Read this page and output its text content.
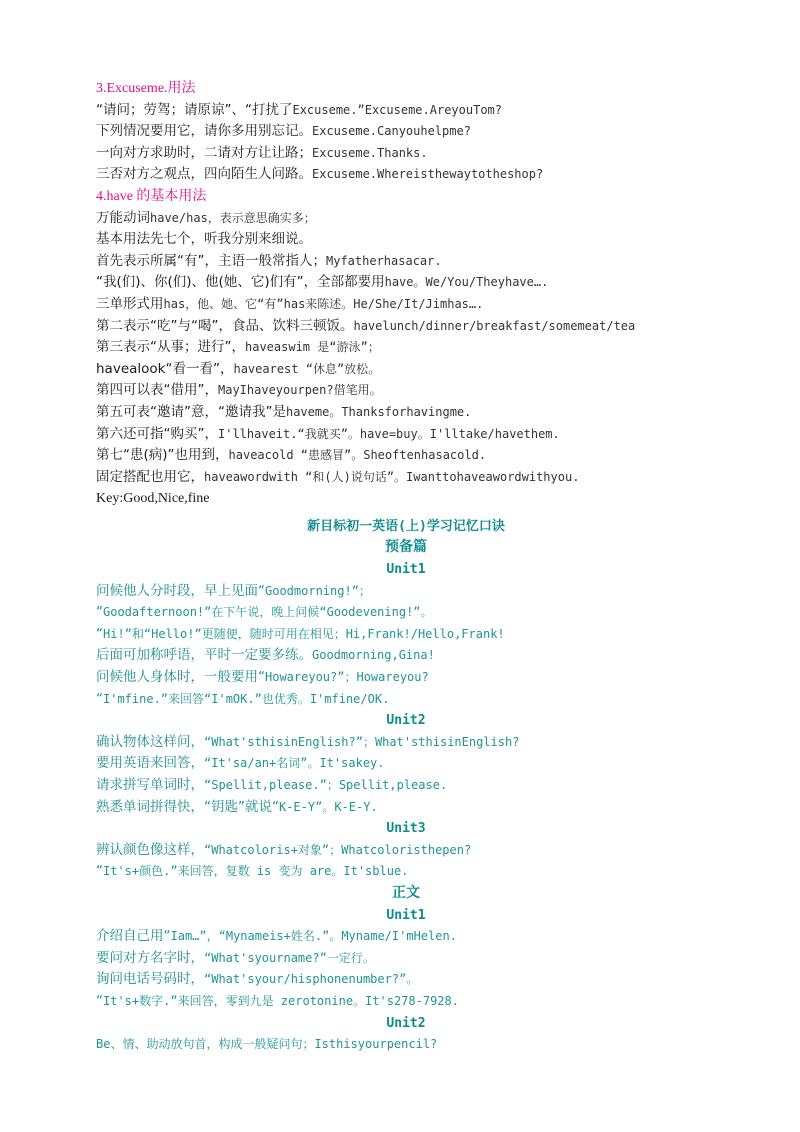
3.Excuseme.用法
“请问；劳驾；请原谅”、“打扰了Excuseme.”Excuseme.AreyouTom?
下列情况要用它，请你多用别忘记。Excuseme.Canyouhelpme?
一向对方求助时，二请对方让让路；Excuseme.Thanks.
三否对方之观点，四向陌生人问路。Excuseme.Whereisthewaytotheshop?
4.have 的基本用法
万能动词have/has，表示意思确实多；
基本用法先七个，听我分别来细说。
首先表示所属“有”，主语一般常指人；Myfatherhasacar.
“我(们)、你(们)、他(她、它)们有”，全部都要用have。We/You/Theyhave….
三单形式用has，他、她、它“有”has来陈述。He/She/It/Jimhas….
第二表示“吃”与“喝”，食品、饮料三顿饭。havelunch/dinner/breakfast/somemeat/tea
第三表示“从事；进行”，haveaswim 是“游泳”；
havealook“看一看”，havearest “休息”放松。
第四可以表“借用”，MayIhaveyourpen?借笔用。
第五可表“邀请”意，“邀请我”是haveme。Thanksforhavingme.
第六还可指“购买”，I'llhaveit.“我就买”。have=buy。I'lltake/havethem.
第七“患(病)”也用到，haveacold “患感冒”。Sheoftenhasacold.
固定搭配也用它，haveawordwith “和(人)说句话”。Iwanttohaveawordwithyou.
Key:Good,Nice,fine
新目标初一英语(上)学习记忆口诀
预备篇
Unit1
问候他人分时段，早上见面“Goodmorning!”；
“Goodafternoon!”在下午说，晚上问候“Goodevening!”。
“Hi!”和“Hello!”更随便，随时可用在相见；Hi,Frank!/Hello,Frank!
后面可加称呼语，平时一定要多练。Goodmorning,Gina!
问候他人身体时，一般要用“Howareyou?”；Howareyou?
“I'mfine.”来回答“I'mOK.”也优秀。I'mfine/OK.
Unit2
确认物体这样问，“What'sthisinEnglish?”；What'sthisinEnglish?
要用英语来回答，“It'sa/an+名词”。It'sakey.
请求拼写单词时，“Spellit,please.”；Spellit,please.
熟悉单词拼得快，“钥匙”就说“K-E-Y”。K-E-Y.
Unit3
辨认颜色像这样，“Whatcoloris+对象”；Whatcoloristhepen?
“It's+颜色.”来回答，复数 is 变为 are。It'sblue.
正文
Unit1
介绍自己用“Iam…”，“Mynameis+姓名.”。Myname/I'mHelen.
要问对方名字时，“What'syourname?”一定行。
询问电话号码时，“What'syour/hisphonenumber?”。
“It's+数字.”来回答，零到九是 zerotonine。It's278-7928.
Unit2
Be、情、助动放句首，构成一般疑问句；Isthisyourpencil?
